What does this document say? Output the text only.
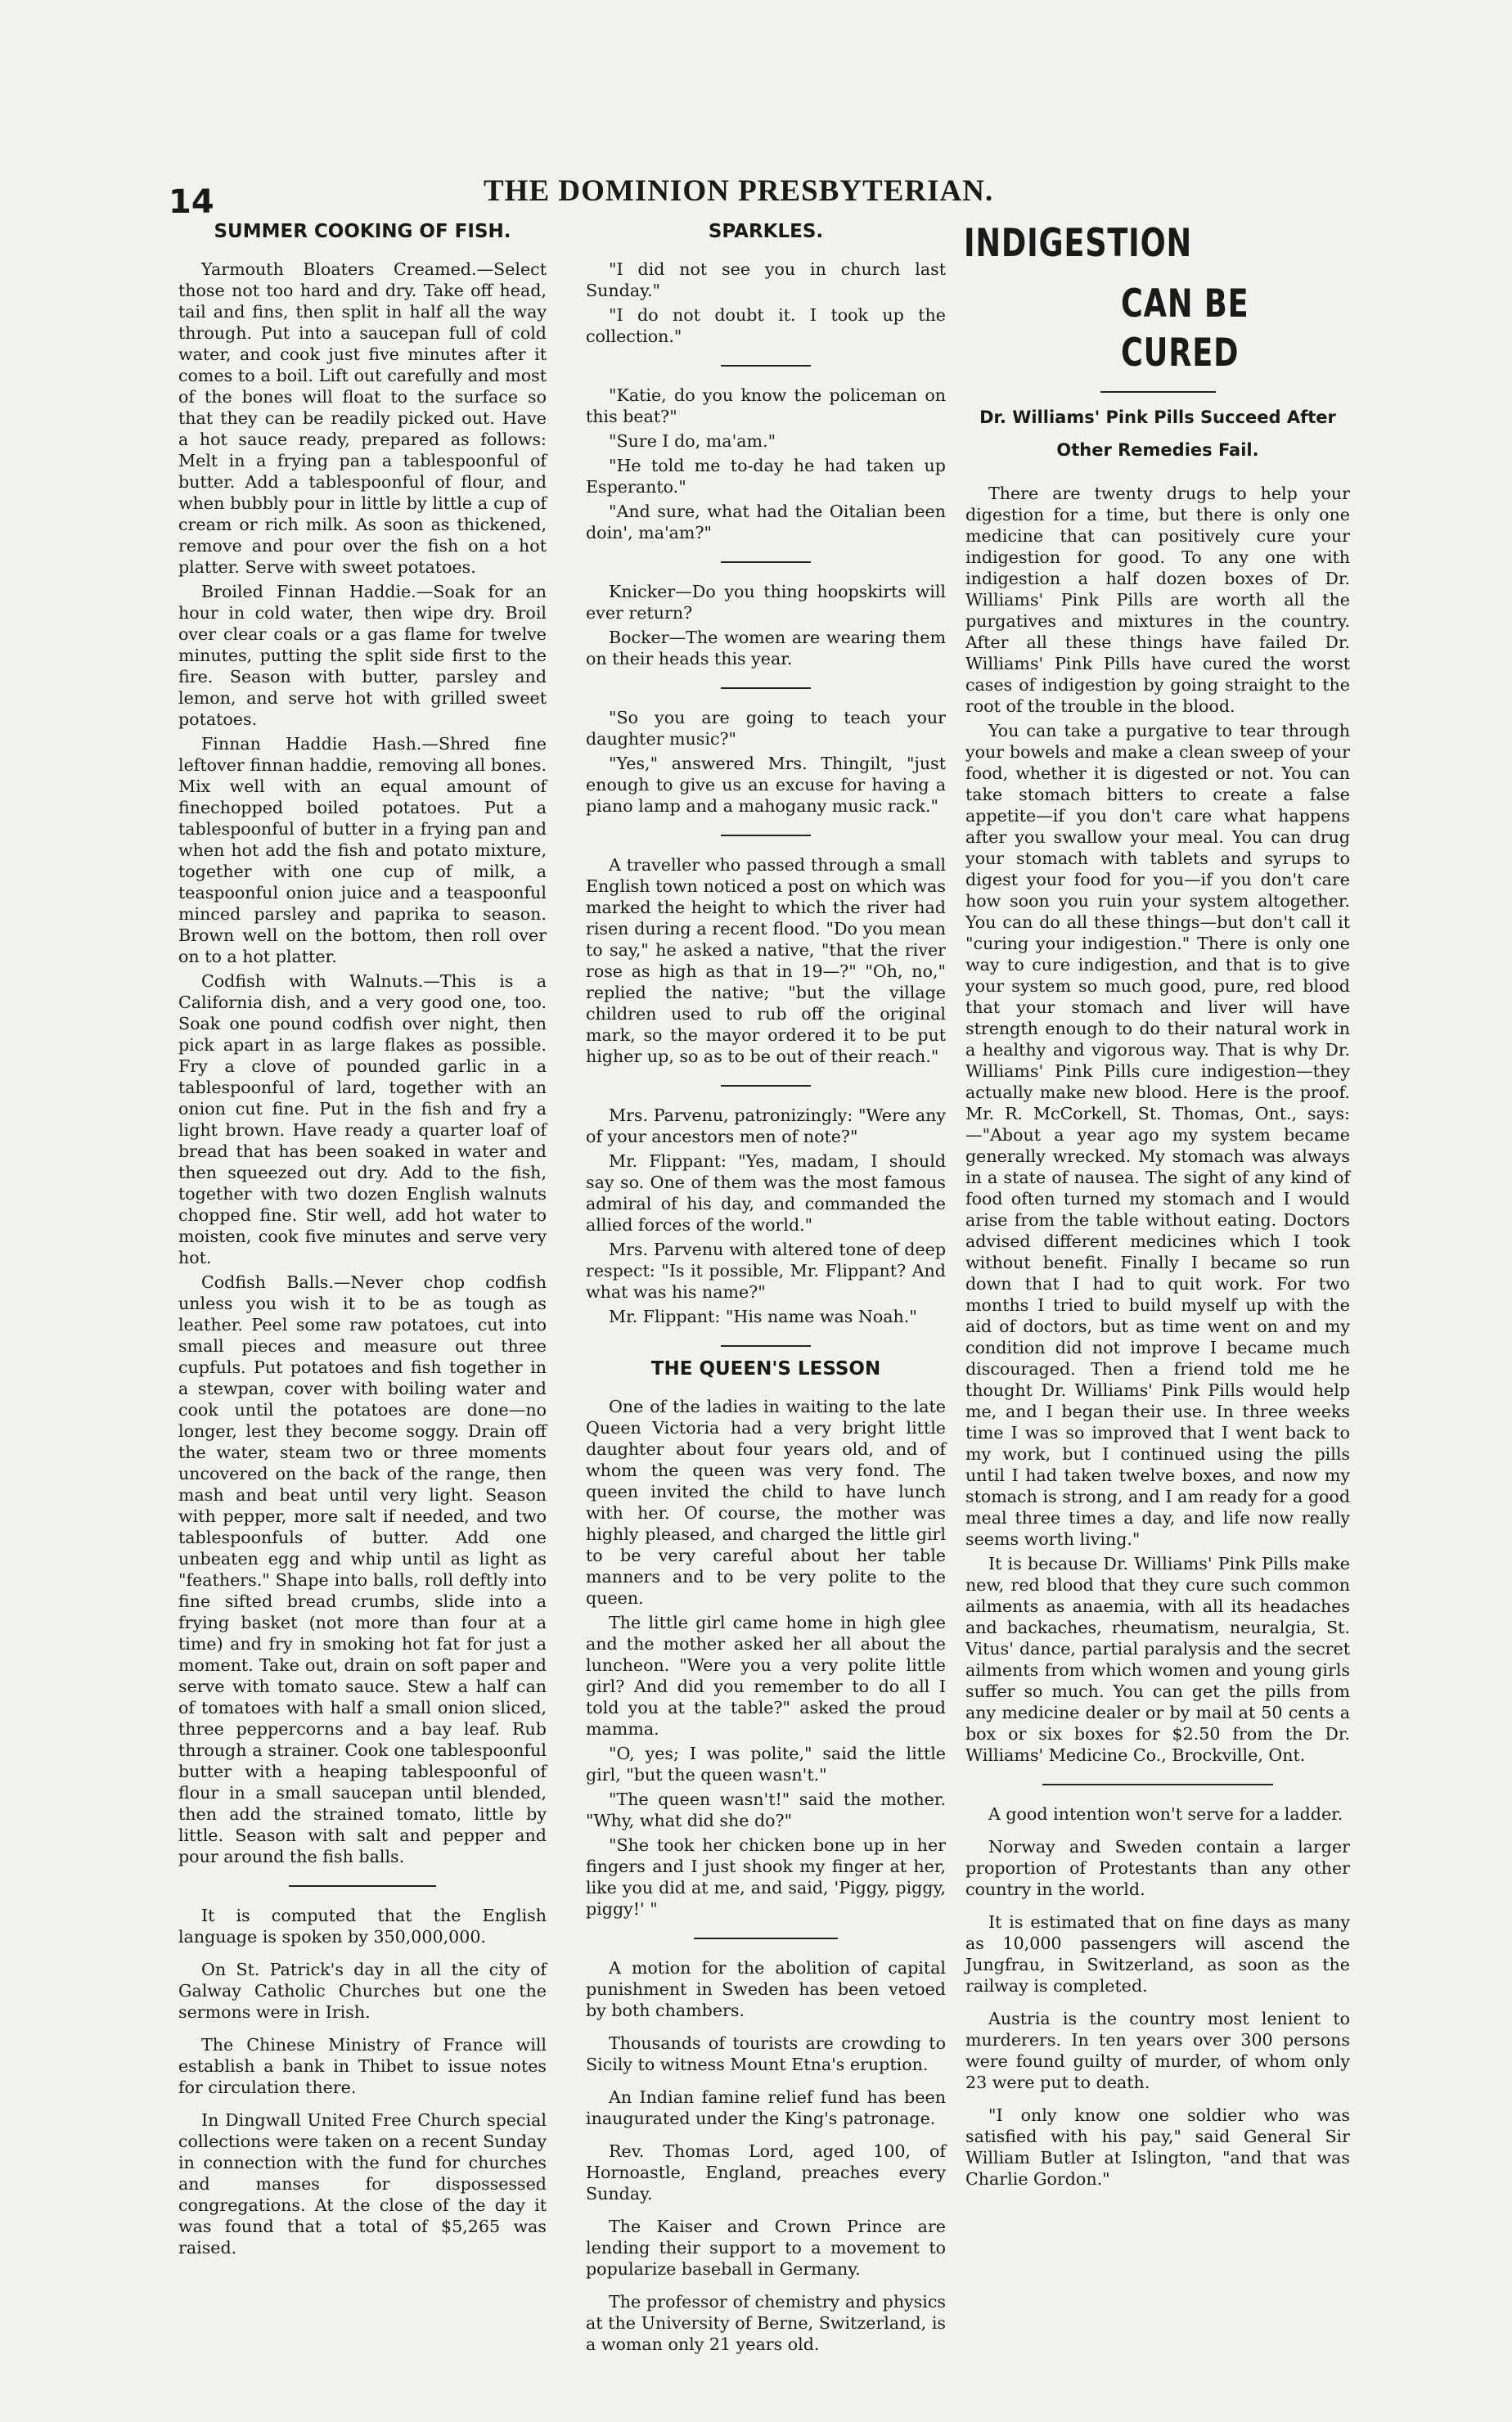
14	THE DOMINION PRESBYTERIAN.
SUMMER COOKING OF FISH.

Yarmouth Bloaters Creamed.—Select those not too hard and dry. Take off head, tail and fins, then split in half all the way through. Put into a saucepan full of cold water, and cook just five minutes after it comes to a boil. Lift out carefully and most of the bones will float to the surface so that they can be readily picked out. Have a hot sauce ready, prepared as follows: Melt in a frying pan a tablespoonful of butter. Add a tablespoonful of flour, and when bubbly pour in little by little a cup of cream or rich milk. As soon as thickened, remove and pour over the fish on a hot platter. Serve with sweet potatoes.

Broiled Finnan Haddie.—Soak for an hour in cold water, then wipe dry. Broil over clear coals or a gas flame for twelve minutes, putting the split side first to the fire. Season with butter, parsley and lemon, and serve hot with grilled sweet potatoes.

Finnan Haddie Hash.—Shred fine leftover finnan haddie, removing all bones. Mix well with an equal amount of finechopped boiled potatoes. Put a tablespoonful of butter in a frying pan and when hot add the fish and potato mixture, together with one cup of milk, a teaspoonful onion juice and a teaspoonful minced parsley and paprika to season. Brown well on the bottom, then roll over on to a hot platter.

Codfish with Walnuts.—This is a California dish, and a very good one, too. Soak one pound codfish over night, then pick apart in as large flakes as possible. Fry a clove of pounded garlic in a tablespoonful of lard, together with an onion cut fine. Put in the fish and fry a light brown. Have ready a quarter loaf of bread that has been soaked in water and then squeezed out dry. Add to the fish, together with two dozen English walnuts chopped fine. Stir well, add hot water to moisten, cook five minutes and serve very hot.

Codfish Balls.—Never chop codfish unless you wish it to be as tough as leather. Peel some raw potatoes, cut into small pieces and measure out three cupfuls. Put potatoes and fish together in a stewpan, cover with boiling water and cook until the potatoes are done—no longer, lest they become soggy. Drain off the water, steam two or three moments uncovered on the back of the range, then mash and beat until very light. Season with pepper, more salt if needed, and two tablespoonfuls of butter. Add one unbeaten egg and whip until as light as "feathers." Shape into balls, roll deftly into fine sifted bread crumbs, slide into a frying basket (not more than four at a time) and fry in smoking hot fat for just a moment. Take out, drain on soft paper and serve with tomato sauce. Stew a half can of tomatoes with half a small onion sliced, three peppercorns and a bay leaf. Rub through a strainer. Cook one tablespoonful butter with a heaping tablespoonful of flour in a small saucepan until blended, then add the strained tomato, little by little. Season with salt and pepper and pour around the fish balls.

It is computed that the English language is spoken by 350,000,000.

On St. Patrick's day in all the city of Galway Catholic Churches but one the sermons were in Irish.

The Chinese Ministry of France will establish a bank in Thibet to issue notes for circulation there.

In Dingwall United Free Church special collections were taken on a recent Sunday in connection with the fund for churches and manses for dispossessed congregations. At the close of the day it was found that a total of $5,265 was raised.

SPARKLES.

"I did not see you in church last Sunday."

"I do not doubt it. I took up the collection."

"Katie, do you know the policeman on this beat?"

"Sure I do, ma'am."

"He told me to-day he had taken up Esperanto."

"And sure, what had the Oitalian been doin', ma'am?"

Knicker—Do you thing hoopskirts will ever return?

Bocker—The women are wearing them on their heads this year.

"So you are going to teach your daughter music?"

"Yes," answered Mrs. Thingilt, "just enough to give us an excuse for having a piano lamp and a mahogany music rack."

A traveller who passed through a small English town noticed a post on which was marked the height to which the river had risen during a recent flood. "Do you mean to say," he asked a native, "that the river rose as high as that in 19—?" "Oh, no," replied the native; "but the village children used to rub off the original mark, so the mayor ordered it to be put higher up, so as to be out of their reach."

Mrs. Parvenu, patronizingly: "Were any of your ancestors men of note?"

Mr. Flippant: "Yes, madam, I should say so. One of them was the most famous admiral of his day, and commanded the allied forces of the world."

Mrs. Parvenu with altered tone of deep respect: "Is it possible, Mr. Flippant? And what was his name?"

Mr. Flippant: "His name was Noah."

THE QUEEN'S LESSON

One of the ladies in waiting to the late Queen Victoria had a very bright little daughter about four years old, and of whom the queen was very fond. The queen invited the child to have lunch with her. Of course, the mother was highly pleased, and charged the little girl to be very careful about her table manners and to be very polite to the queen.

The little girl came home in high glee and the mother asked her all about the luncheon. "Were you a very polite little girl? And did you remember to do all I told you at the table?" asked the proud mamma.

"O, yes; I was polite," said the little girl, "but the queen wasn't."

"The queen wasn't!" said the mother. "Why, what did she do?"

"She took her chicken bone up in her fingers and I just shook my finger at her, like you did at me, and said, 'Piggy, piggy, piggy!' "

A motion for the abolition of capital punishment in Sweden has been vetoed by both chambers.

Thousands of tourists are crowding to Sicily to witness Mount Etna's eruption.

An Indian famine relief fund has been inaugurated under the King's patronage.

Rev. Thomas Lord, aged 100, of Hornoastle, England, preaches every Sunday.

The Kaiser and Crown Prince are lending their support to a movement to popularize baseball in Germany.

The professor of chemistry and physics at the University of Berne, Switzerland, is a woman only 21 years old.

INDIGESTION
CAN BE CURED
Dr. Williams' Pink Pills Succeed After Other Remedies Fail.

There are twenty drugs to help your digestion for a time, but there is only one medicine that can positively cure your indigestion for good. To any one with indigestion a half dozen boxes of Dr. Williams' Pink Pills are worth all the purgatives and mixtures in the country. After all these things have failed Dr. Williams' Pink Pills have cured the worst cases of indigestion by going straight to the root of the trouble in the blood.

You can take a purgative to tear through your bowels and make a clean sweep of your food, whether it is digested or not. You can take stomach bitters to create a false appetite—if you don't care what happens after you swallow your meal. You can drug your stomach with tablets and syrups to digest your food for you—if you don't care how soon you ruin your system altogether. You can do all these things—but don't call it "curing your indigestion." There is only one way to cure indigestion, and that is to give your system so much good, pure, red blood that your stomach and liver will have strength enough to do their natural work in a healthy and vigorous way. That is why Dr. Williams' Pink Pills cure indigestion—they actually make new blood. Here is the proof. Mr. R. McCorkell, St. Thomas, Ont., says:—"About a year ago my system became generally wrecked. My stomach was always in a state of nausea. The sight of any kind of food often turned my stomach and I would arise from the table without eating. Doctors advised different medicines which I took without benefit. Finally I became so run down that I had to quit work. For two months I tried to build myself up with the aid of doctors, but as time went on and my condition did not improve I became much discouraged. Then a friend told me he thought Dr. Williams' Pink Pills would help me, and I began their use. In three weeks time I was so improved that I went back to my work, but I continued using the pills until I had taken twelve boxes, and now my stomach is strong, and I am ready for a good meal three times a day, and life now really seems worth living."

It is because Dr. Williams' Pink Pills make new, red blood that they cure such common ailments as anaemia, with all its headaches and backaches, rheumatism, neuralgia, St. Vitus' dance, partial paralysis and the secret ailments from which women and young girls suffer so much. You can get the pills from any medicine dealer or by mail at 50 cents a box or six boxes for $2.50 from the Dr. Williams' Medicine Co., Brockville, Ont.

A good intention won't serve for a ladder.

Norway and Sweden contain a larger proportion of Protestants than any other country in the world.

It is estimated that on fine days as many as 10,000 passengers will ascend the Jungfrau, in Switzerland, as soon as the railway is completed.

Austria is the country most lenient to murderers. In ten years over 300 persons were found guilty of murder, of whom only 23 were put to death.

"I only know one soldier who was satisfied with his pay," said General Sir William Butler at Islington, "and that was Charlie Gordon."
